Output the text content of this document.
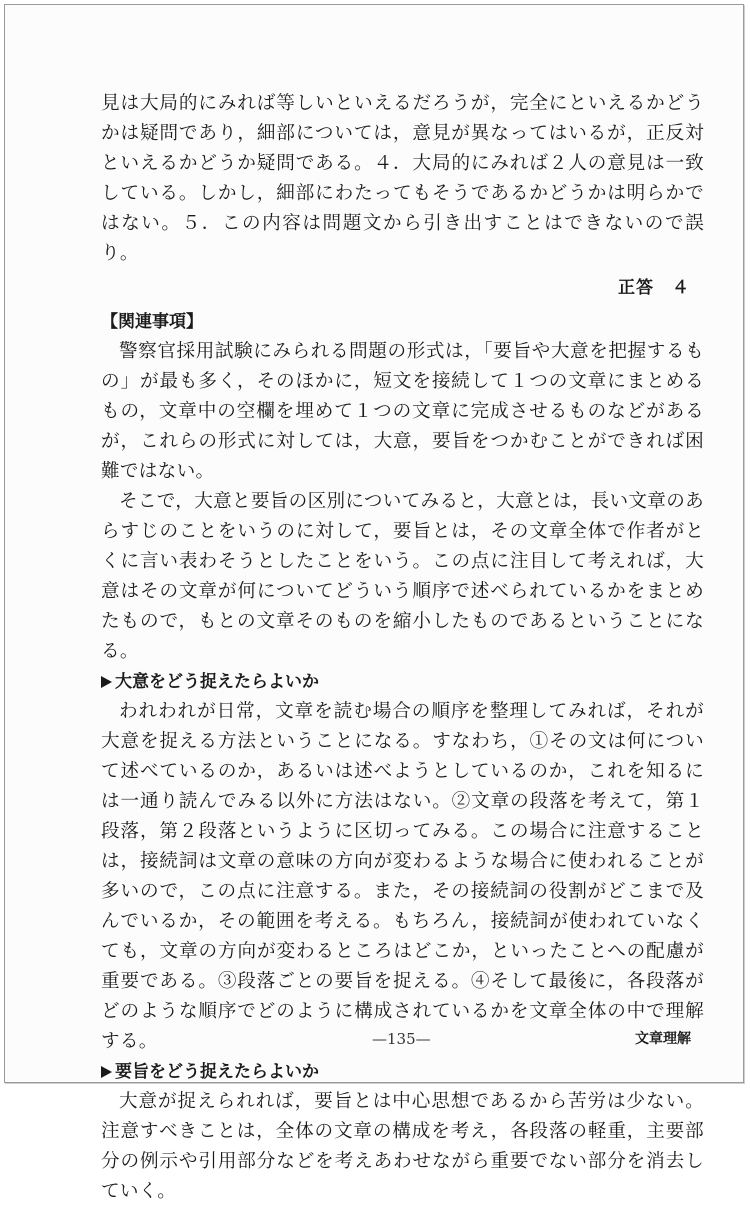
見は大局的にみれば等しいといえるだろうが，完全にといえるかどうかは疑問であり，細部については，意見が異なってはいるが，正反対といえるかどうか疑問である。４．大局的にみれば２人の意見は一致している。しかし，細部にわたってもそうであるかどうかは明らかではない。５．この内容は問題文から引き出すことはできないので誤り。

正答　４
【関連事項】

警察官採用試験にみられる問題の形式は，「要旨や大意を把握するもの」が最も多く，そのほかに，短文を接続して１つの文章にまとめるもの，文章中の空欄を埋めて１つの文章に完成させるものなどがあるが，これらの形式に対しては，大意，要旨をつかむことができれば困難ではない。

そこで，大意と要旨の区別についてみると，大意とは，長い文章のあらすじのことをいうのに対して，要旨とは，その文章全体で作者がとくに言い表わそうとしたことをいう。この点に注目して考えれば，大意はその文章が何についてどういう順序で述べられているかをまとめたもので，もとの文章そのものを縮小したものであるということになる。

大意をどう捉えたらよいか

われわれが日常，文章を読む場合の順序を整理してみれば，それが大意を捉える方法ということになる。すなわち，①その文は何について述べているのか，あるいは述べようとしているのか，これを知るには一通り読んでみる以外に方法はない。②文章の段落を考えて，第１段落，第２段落というように区切ってみる。この場合に注意することは，接続詞は文章の意味の方向が変わるような場合に使われることが多いので，この点に注意する。また，その接続詞の役割がどこまで及んでいるか，その範囲を考える。もちろん，接続詞が使われていなくても，文章の方向が変わるところはどこか，といったことへの配慮が重要である。③段落ごとの要旨を捉える。④そして最後に，各段落がどのような順序でどのように構成されているかを文章全体の中で理解する。

要旨をどう捉えたらよいか

大意が捉えられれば，要旨とは中心思想であるから苦労は少ない。注意すべきことは，全体の文章の構成を考え，各段落の軽重，主要部分の例示や引用部分などを考えあわせながら重要でない部分を消去していく。

—135—	文章理解
